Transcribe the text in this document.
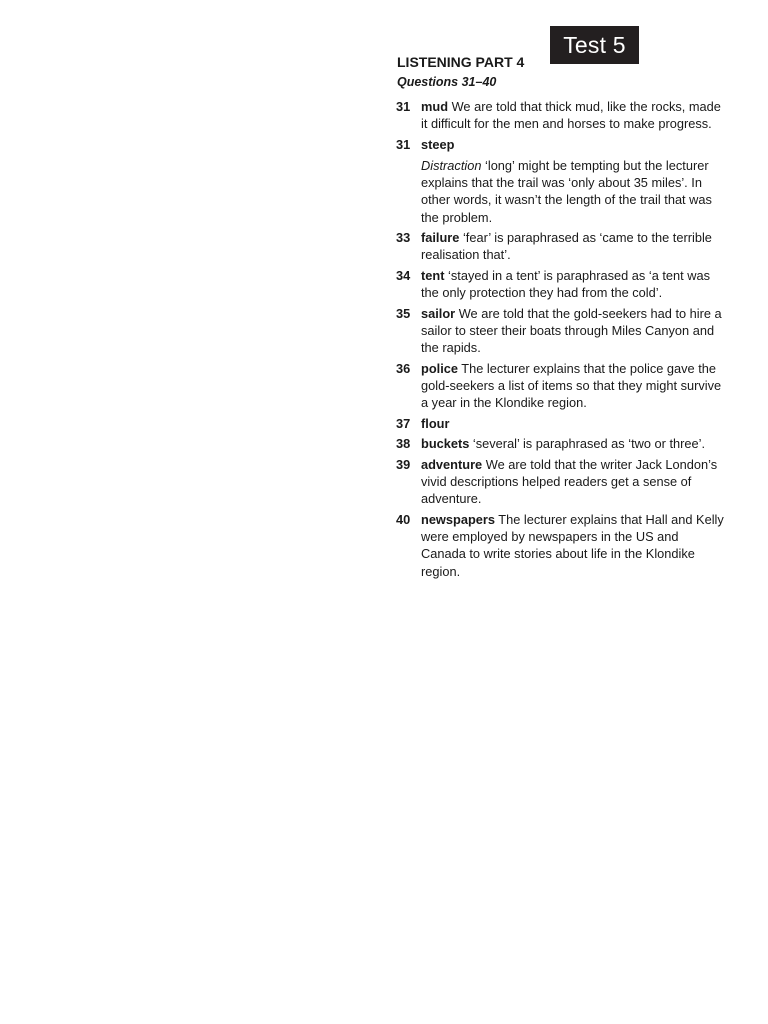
Test 5
LISTENING PART 4
Questions 31–40
31 mud We are told that thick mud, like the rocks, made it difficult for the men and horses to make progress.
31 steep
Distraction ‘long’ might be tempting but the lecturer explains that the trail was ‘only about 35 miles’. In other words, it wasn’t the length of the trail that was the problem.
33 failure ‘fear’ is paraphrased as ‘came to the terrible realisation that’.
34 tent ‘stayed in a tent’ is paraphrased as ‘a tent was the only protection they had from the cold’.
35 sailor We are told that the gold-seekers had to hire a sailor to steer their boats through Miles Canyon and the rapids.
36 police The lecturer explains that the police gave the gold-seekers a list of items so that they might survive a year in the Klondike region.
37 flour
38 buckets ‘several’ is paraphrased as ‘two or three’.
39 adventure We are told that the writer Jack London’s vivid descriptions helped readers get a sense of adventure.
40 newspapers The lecturer explains that Hall and Kelly were employed by newspapers in the US and Canada to write stories about life in the Klondike region.
